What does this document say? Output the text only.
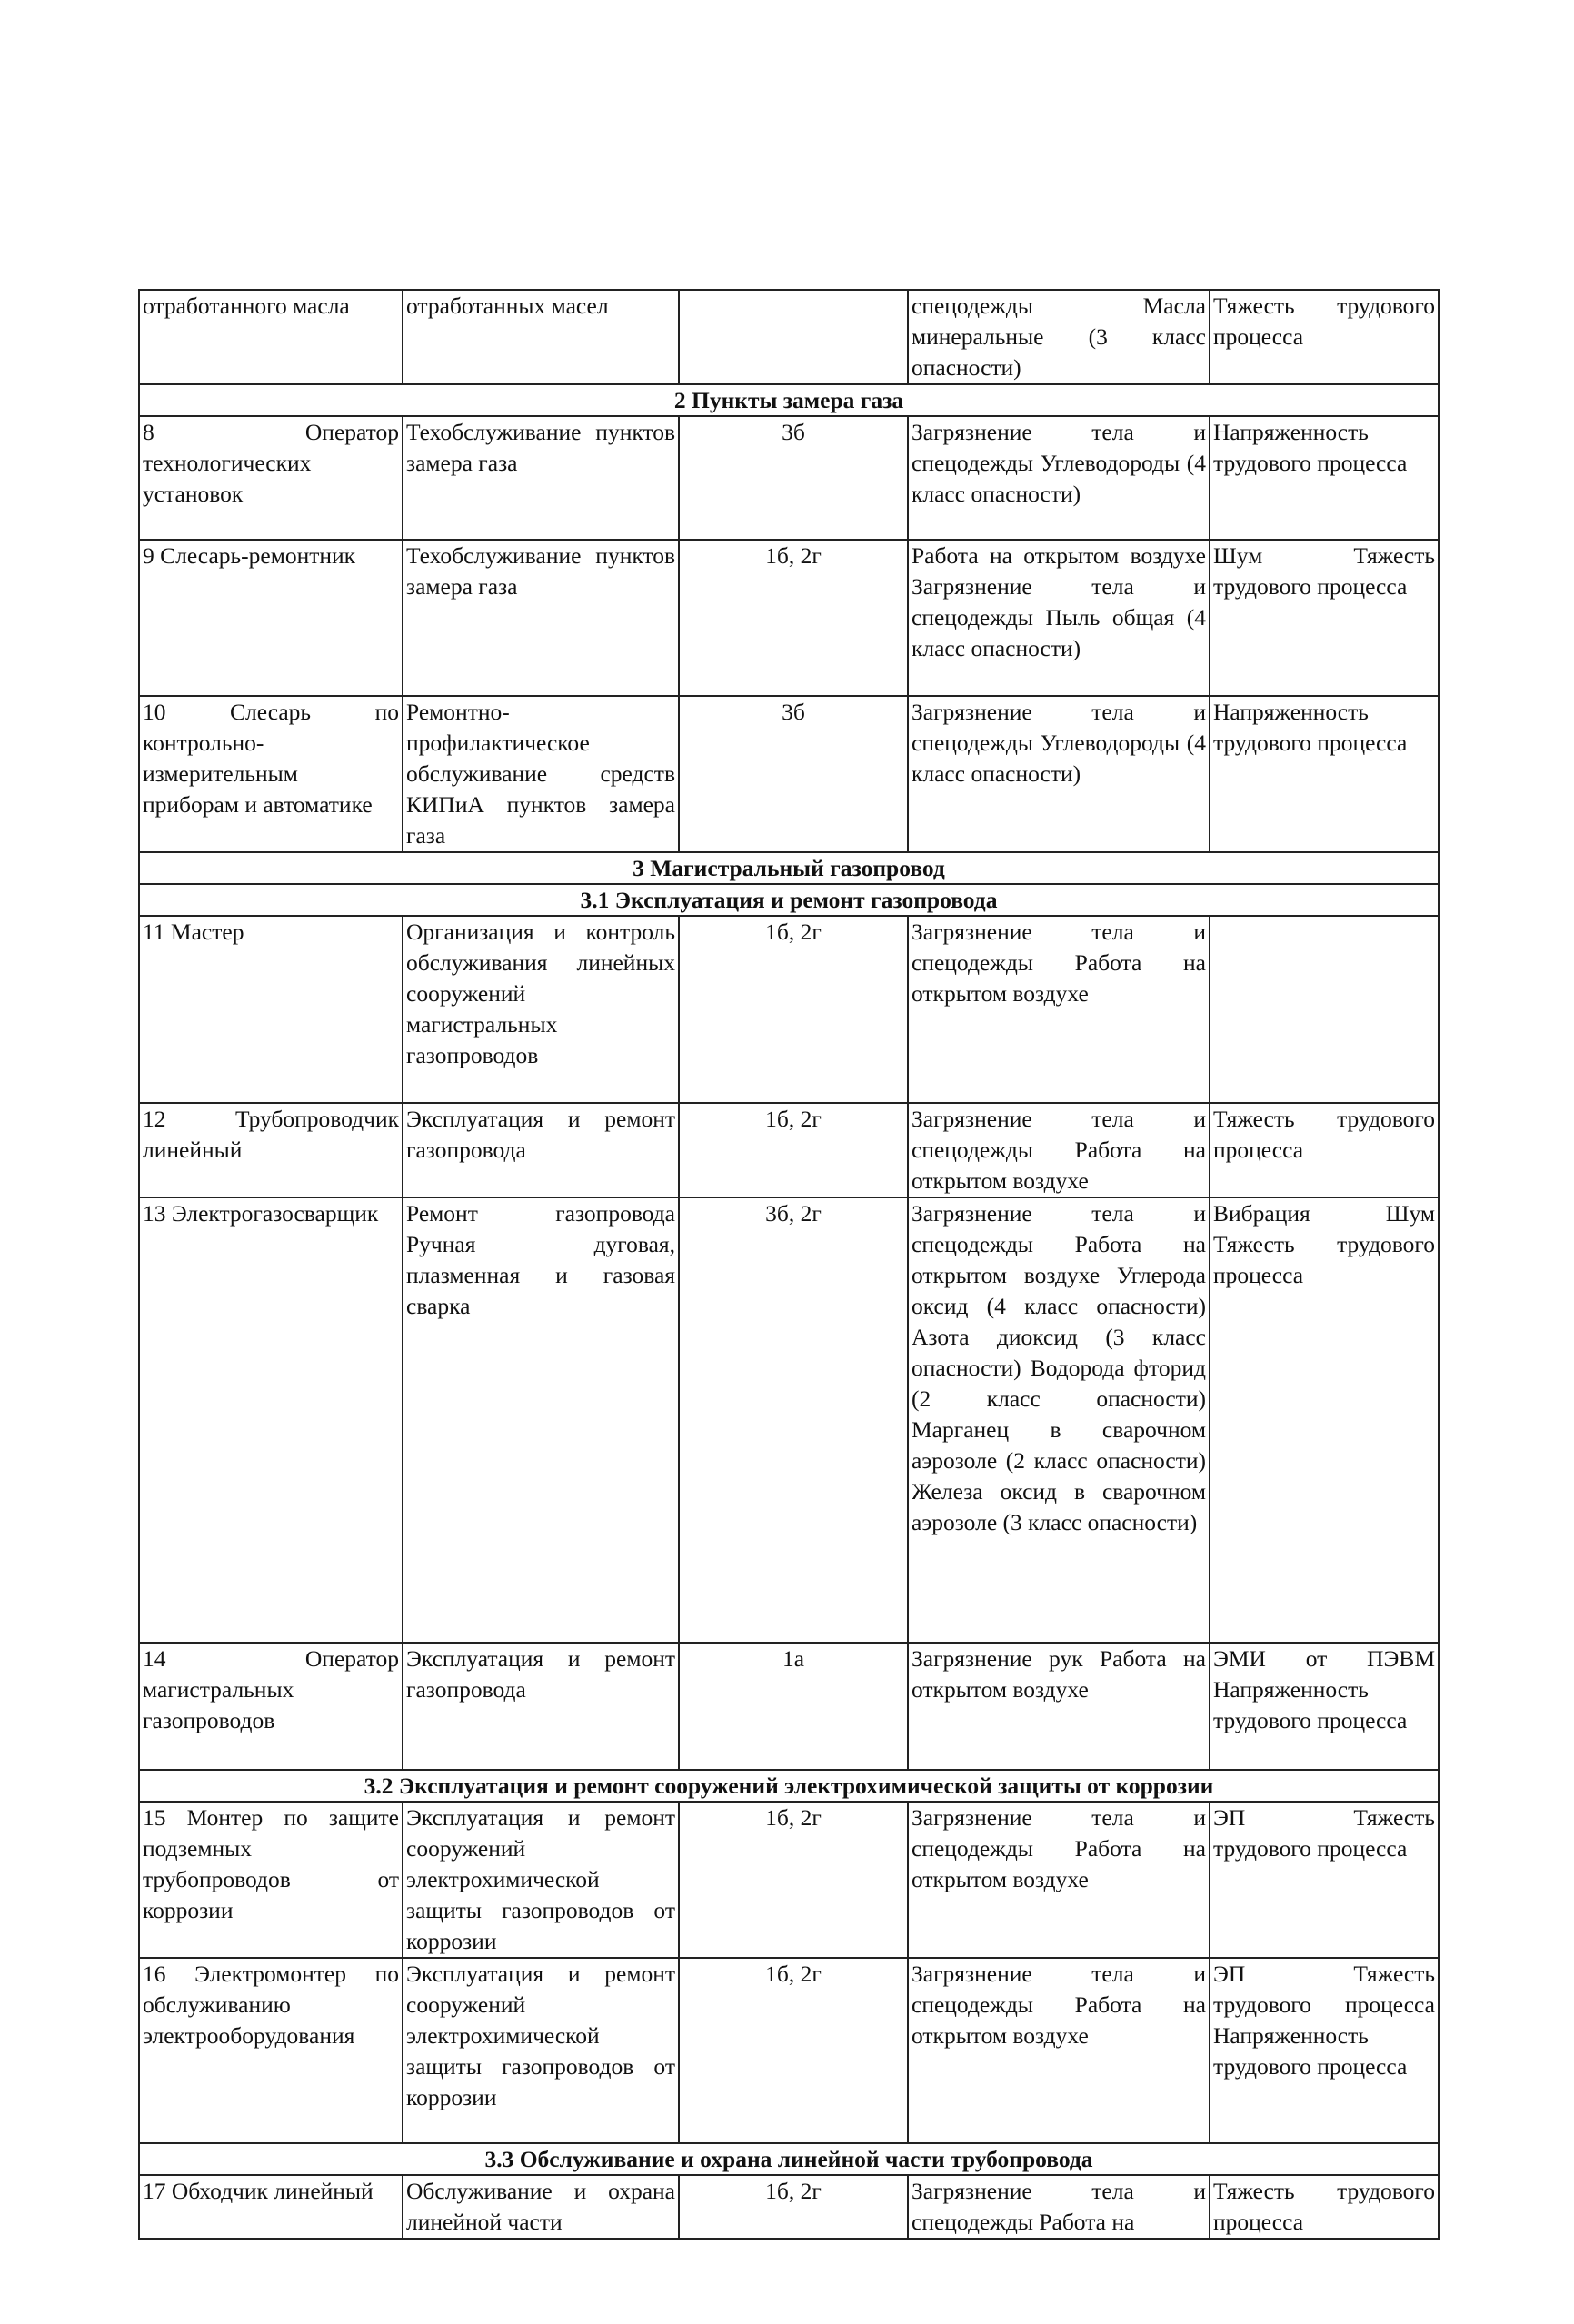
отработанного масла	отработанных масел		спецодежды Масла минеральные (3 класс опасности)	Тяжесть трудового процесса
2 Пункты замера газа				
8 Оператор технологических установок	Техобслуживание пунктов замера газа	3б	Загрязнение тела и спецодежды Углеводороды (4 класс опасности)	Напряженность трудового процесса
9 Слесарь-ремонтник	Техобслуживание пунктов замера газа	1б, 2г	Работа на открытом воздухе Загрязнение тела и спецодежды Пыль общая (4 класс опасности)	Шум Тяжесть трудового процесса
10 Слесарь по контрольно-измерительным приборам и автоматике	Ремонтно-профилактическое обслуживание средств КИПиА пунктов замера газа	3б	Загрязнение тела и спецодежды Углеводороды (4 класс опасности)	Напряженность трудового процесса
3 Магистральный газопровод				
3.1 Эксплуатация и ремонт газопровода				
11 Мастер	Организация и контроль обслуживания линейных сооружений магистральных газопроводов	1б, 2г	Загрязнение тела и спецодежды Работа на открытом воздухе	
12 Трубопроводчик линейный	Эксплуатация и ремонт газопровода	1б, 2г	Загрязнение тела и спецодежды Работа на открытом воздухе	Тяжесть трудового процесса
13 Электрогазосварщик	Ремонт газопровода Ручная дуговая, плазменная и газовая сварка	3б, 2г	Загрязнение тела и спецодежды Работа на открытом воздухе Углерода оксид (4 класс опасности) Азота диоксид (3 класс опасности) Водорода фторид (2 класс опасности) Марганец в сварочном аэрозоле (2 класс опасности) Железа оксид в сварочном аэрозоле (3 класс опасности)	Вибрация Шум Тяжесть трудового процесса
14 Оператор магистральных газопроводов	Эксплуатация и ремонт газопровода	1а	Загрязнение рук Работа на открытом воздухе	ЭМИ от ПЭВМ Напряженность трудового процесса
3.2 Эксплуатация и ремонт сооружений электрохимической защиты от коррозии				
15 Монтер по защите подземных трубопроводов от коррозии	Эксплуатация и ремонт сооружений электрохимической защиты газопроводов от коррозии	1б, 2г	Загрязнение тела и спецодежды Работа на открытом воздухе	ЭП Тяжесть трудового процесса
16 Электромонтер по обслуживанию электрооборудования	Эксплуатация и ремонт сооружений электрохимической защиты газопроводов от коррозии	1б, 2г	Загрязнение тела и спецодежды Работа на открытом воздухе	ЭП Тяжесть трудового процесса Напряженность трудового процесса
3.3 Обслуживание и охрана линейной части трубопровода				
17 Обходчик линейный	Обслуживание и охрана линейной части	1б, 2г	Загрязнение тела и спецодежды Работа на	Тяжесть трудового процесса
